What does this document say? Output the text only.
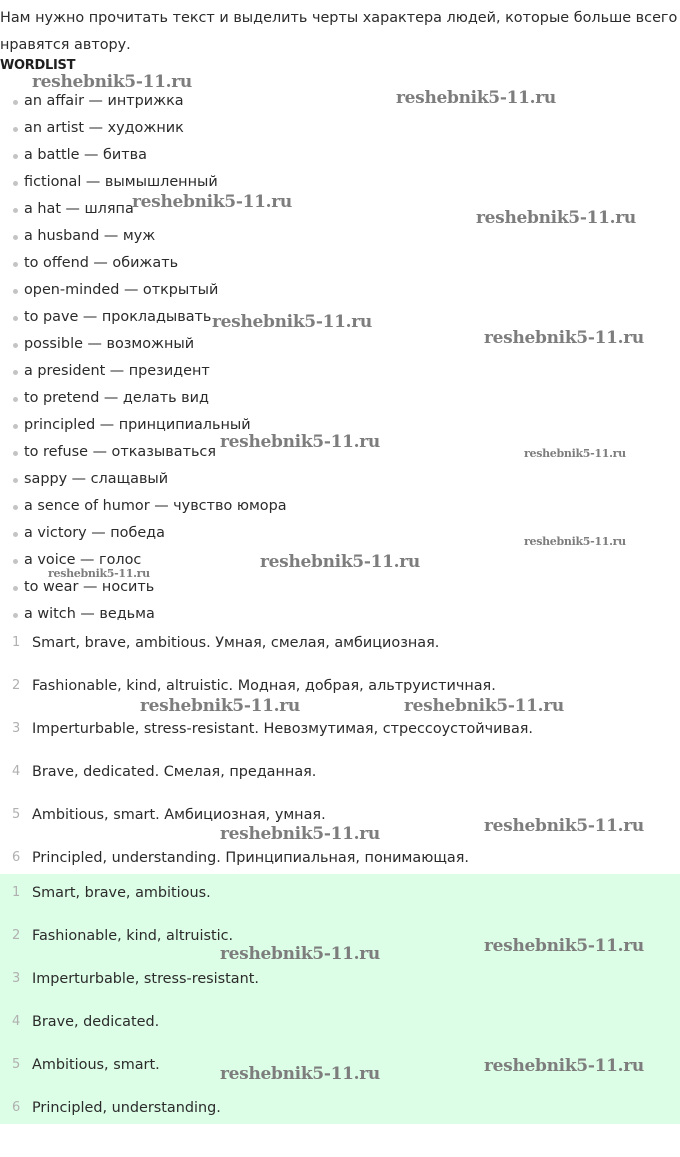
Нам нужно прочитать текст и выделить черты характера людей, которые больше всего нравятся автору.
WORDLIST
an affair — интрижка
an artist — художник
a battle — битва
fictional — вымышленный
a hat — шляпа
a husband — муж
to offend — обижать
open-minded — открытый
to pave — прокладывать
possible — возможный
a president — президент
to pretend — делать вид
principled — принципиальный
to refuse — отказываться
sappy — слащавый
a sence of humor — чувство юмора
a victory — победа
a voice — голос
to wear — носить
a witch — ведьма
1 Smart, brave, ambitious. Умная, смелая, амбициозная.
2 Fashionable, kind, altruistic. Модная, добрая, альтруистичная.
3 Imperturbable, stress-resistant. Невозмутимая, стрессоустойчивая.
4 Brave, dedicated. Смелая, преданная.
5 Ambitious, smart. Амбициозная, умная.
6 Principled, understanding. Принципиальная, понимающая.
1 Smart, brave, ambitious.
2 Fashionable, kind, altruistic.
3 Imperturbable, stress-resistant.
4 Brave, dedicated.
5 Ambitious, smart.
6 Principled, understanding.
reshebnik5-11.ru
reshebnik5-11.ru
reshebnik5-11.ru
reshebnik5-11.ru
reshebnik5-11.ru
reshebnik5-11.ru
reshebnik5-11.ru
reshebnik5-11.ru
reshebnik5-11.ru
reshebnik5-11.ru
reshebnik5-11.ru
reshebnik5-11.ru	reshebnik5-11.ru
reshebnik5-11.ru	reshebnik5-11.ru
reshebnik5-11.ru	reshebnik5-11.ru
reshebnik5-11.ru	reshebnik5-11.ru
